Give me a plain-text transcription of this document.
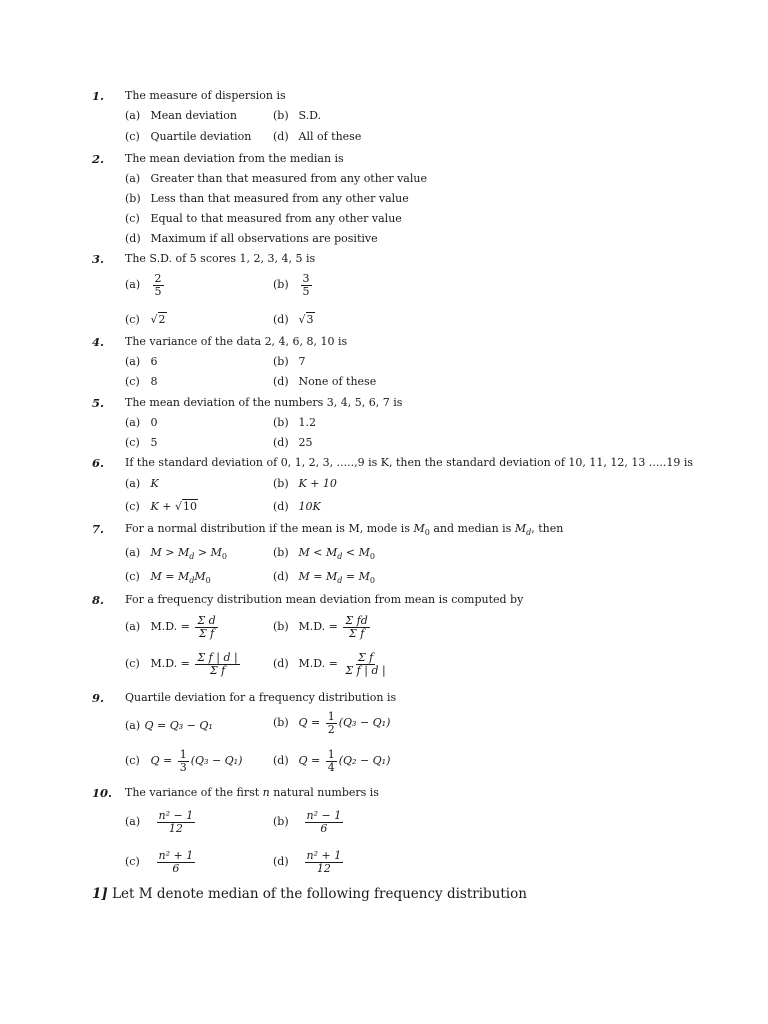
1. The measure of dispersion is
(a) Mean deviation	(b) S.D.
(c) Quartile deviation (d) All of these
2. The mean deviation from the median is
(a) Greater than that measured from any other value
(b) Less than that measured from any other value
(c) Equal to that measured from any other value
(d) Maximum if all observations are positive
3. The S.D. of 5 scores 1, 2, 3, 4, 5 is
$(a) \frac{2}{5}$	$(b) \frac{3}{5}$
(c) √2	(d) √3
4. The variance of the data 2, 4, 6, 8, 10 is
(a) 6	(b) 7
(c) 8	(d) None of these
5. The mean deviation of the numbers 3, 4, 5, 6, 7 is
(a) 0	(b) 1.2
(c) 5	(d) 25
6. If the standard deviation of 0, 1, 2, 3, .....,9 is K, then the standard deviation of 10, 11, 12, 13 .....19 is
(a) K	(b) K + 10
(c) K + √10	(d) 10K
7. For a normal distribution if the mean is M, mode is $M_0$ and median is $M_d$, then
(a) $M > M_d > M_0$	(b) $M < M_d < M_0$
(c) $M = M_dM_0$	(d) $M = M_d = M_0$
8. For a frequency distribution mean deviation from mean is computed by
(a) M.D. = $\frac{\text{Σ d}}{\text{Σ f}}$	(b) M.D. = $\frac{\text{Σ fd}}{\text{Σ f}}$
(c) M.D. = $\frac{\text{Σ f | d |}}{\text{Σ f}}$	(d) M.D. = $\frac{\text{Σ f}}{\text{Σ f | d |}}$
9. Quartile deviation for a frequency distribution is
(a) Q = Q₃ − Q₁	(b) $Q = \frac{1}{2} (Q_3 - Q_1)$
(c) $Q = \frac{1}{3} (Q_3 - Q_1)$	(d) $Q = \frac{1}{4} (Q_2 - Q_1)$
10. The variance of the first n natural numbers is
$(a) \frac{\text{n² − 1}}{12}$	$(b) \frac{\text{n² − 1}}{6}$
$(c) \frac{\text{n² + 1}}{6}$	$(d) \frac{\text{n² + 1}}{12}$
1] Let M denote median of the following frequency distribution
